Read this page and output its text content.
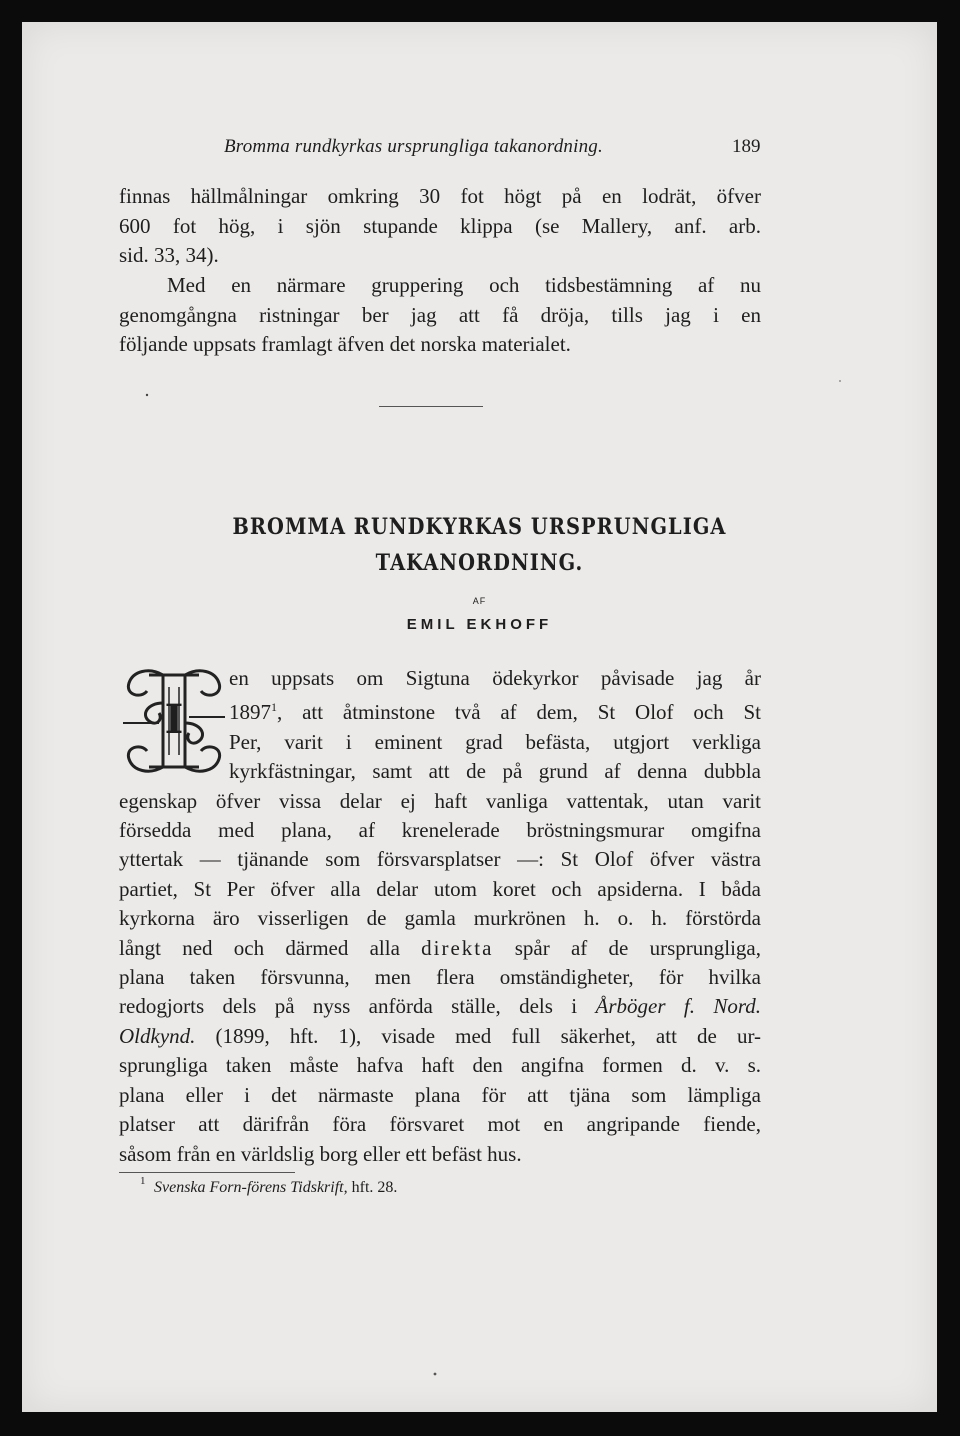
Bromma rundkyrkas ursprungliga takanordning.	189
finnas hällmålningar omkring 30 fot högt på en lodrät, öfver
600 fot hög, i sjön stupande klippa (se Mallery, anf. arb.
sid. 33, 34).
Med en närmare gruppering och tidsbestämning af nu
genomgångna ristningar ber jag att få dröja, tills jag i en
följande uppsats framlagt äfven det norska materialet.
BROMMA RUNDKYRKAS URSPRUNGLIGA
TAKANORDNING.
AF
EMIL EKHOFF
I
en uppsats om Sigtuna ödekyrkor påvisade jag år
1897$^1$, att åtminstone två af dem, St Olof och St
Per, varit i eminent grad befästa, utgjort verkliga
kyrkfästningar, samt att de på grund af denna dubbla
egenskap öfver vissa delar ej haft vanliga vattentak, utan varit
försedda med plana, af krenelerade bröstningsmurar omgifna
yttertak — tjänande som försvarsplatser —: St Olof öfver västra
partiet, St Per öfver alla delar utom koret och apsiderna. I båda
kyrkorna äro visserligen de gamla murkrönen h. o. h. förstörda
långt ned och därmed alla direkta spår af de ursprungliga,
plana taken försvunna, men flera omständigheter, för hvilka
redogjorts dels på nyss anförda ställe, dels i Årböger f. Nord.
Oldkynd. (1899, hft. 1), visade med full säkerhet, att de ur-
sprungliga taken måste hafva haft den angifna formen d. v. s.
plana eller i det närmaste plana för att tjäna som lämpliga
platser att därifrån föra försvaret mot en angripande fiende,
såsom från en världslig borg eller ett befäst hus.
1 Svenska Forn-förens Tidskrift, hft. 28.
